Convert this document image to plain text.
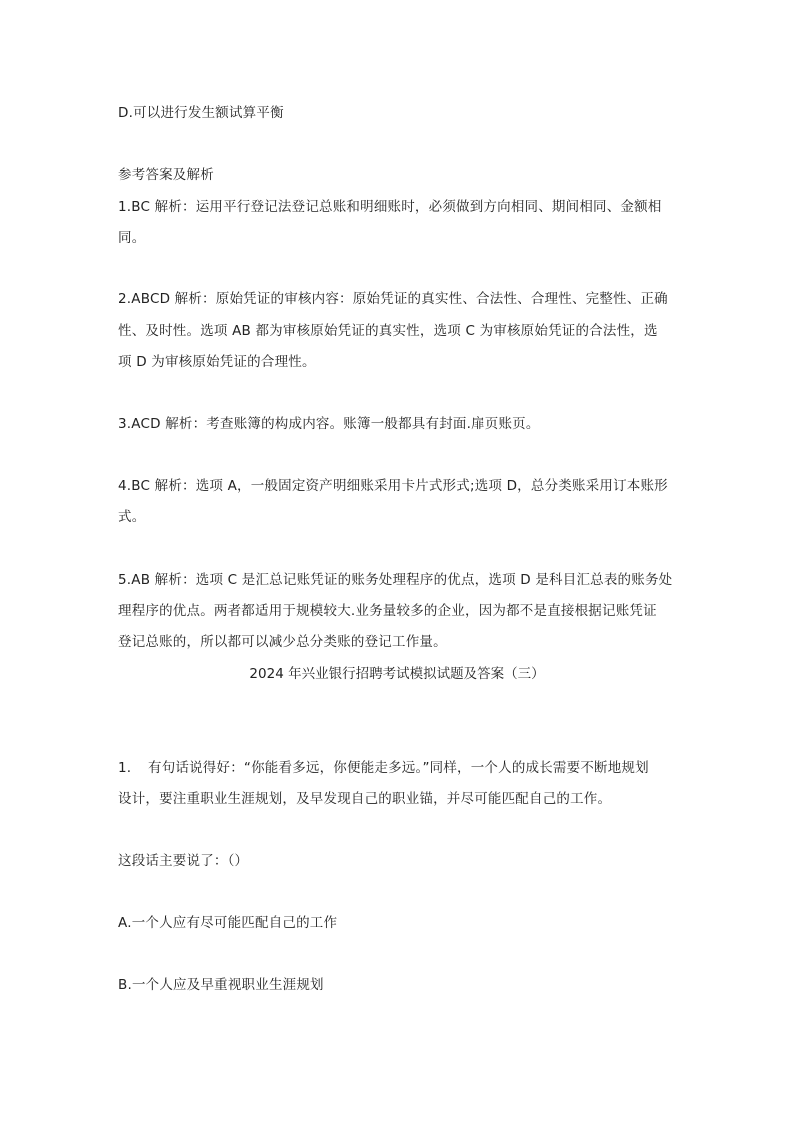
D.可以进行发生额试算平衡
参考答案及解析
1.BC 解析：运用平行登记法登记总账和明细账时，必须做到方向相同、期间相同、金额相
同。
2.ABCD 解析：原始凭证的审核内容：原始凭证的真实性、合法性、合理性、完整性、正确
性、及时性。选项 AB 都为审核原始凭证的真实性，选项 C 为审核原始凭证的合法性，选
项 D 为审核原始凭证的合理性。
3.ACD 解析：考查账簿的构成内容。账簿一般都具有封面.扉页账页。
4.BC 解析：选项 A，一般固定资产明细账采用卡片式形式;选项 D，总分类账采用订本账形
式。
5.AB 解析：选项 C 是汇总记账凭证的账务处理程序的优点，选项 D 是科目汇总表的账务处
理程序的优点。两者都适用于规模较大.业务量较多的企业，因为都不是直接根据记账凭证
登记总账的，所以都可以减少总分类账的登记工作量。
2024 年兴业银行招聘考试模拟试题及答案（三）
1. 有句话说得好：“你能看多远，你便能走多远。”同样，一个人的成长需要不断地规划
设计，要注重职业生涯规划，及早发现自己的职业锚，并尽可能匹配自己的工作。
这段话主要说了：（）
A.一个人应有尽可能匹配自己的工作
B.一个人应及早重视职业生涯规划
